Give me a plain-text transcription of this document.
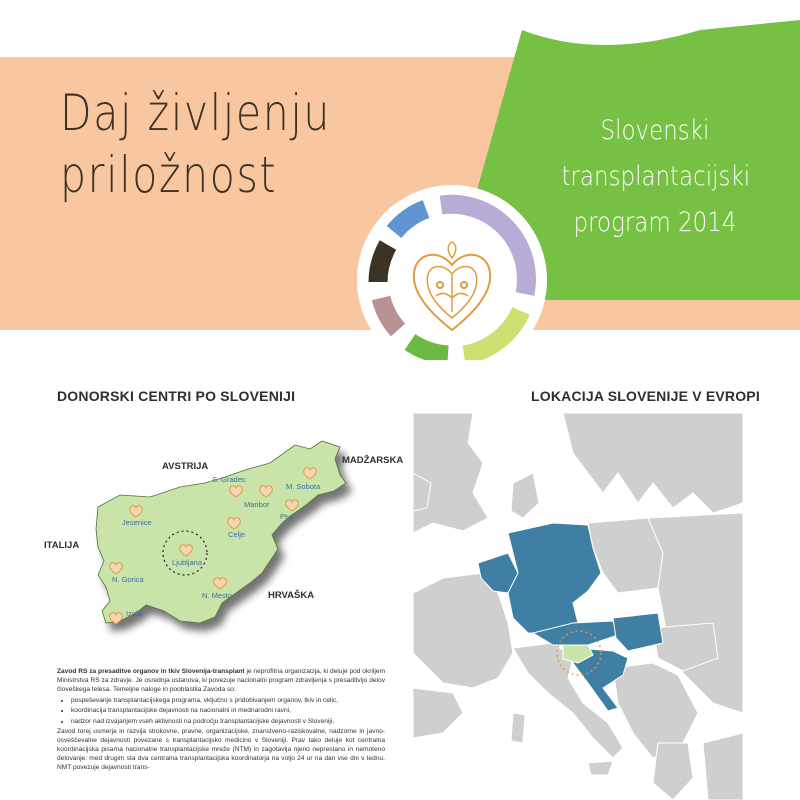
Daj življenju
priložnost
Slovenski
transplantacijski
program 2014
DONORSKI CENTRI PO SLOVENIJI	LOKACIJA SLOVENIJE V EVROPI
AVSTRIJA
MADŽARSKA
ITALIJA
HRVAŠKA
S. Gradec
Maribor
M. Sobota
Ptuj
Jesenice
Celje
Ljubljana
N. Gorica
N. Mesto
Izola

Zavod RS za presaditve organov in tkiv Slovenija-transplant je neprofitna organizacija, ki deluje pod okriljem Ministrstva RS za zdravje. Je osrednja ustanova, ki povezuje nacionalni program zdravljenja s presaditvijo delov človeškega telesa. Temeljne naloge in pooblastila Zavoda so:

• pospeševanje transplantacijskega programa, vključno s pridobivanjem organov, tkiv in celic,
• koordinacija transplantacijske dejavnosti na nacionalni in mednarodni ravni,
• nadzor nad izvajanjem vseh aktivnosti na področju transplantacijske dejavnosti v Sloveniji.

Zavod torej usmerja in razvija strokovne, pravne, organizacijske, znanstveno-raziskovalne, nadzorne in javno-osveščevalne dejavnosti povezane s transplantacijsko medicino v Sloveniji. Prav tako deluje kot centralna koordinacijska pisarna nacionalne transplantacijske mreže (NTM) in zagotavlja njeno neprestano in nemoteno delovanje: med drugim sta dva centralna transplantacijska koordinatorja na voljo 24 ur na dan vse dni v tednu. NMT povezuje dejavnosti trans-
